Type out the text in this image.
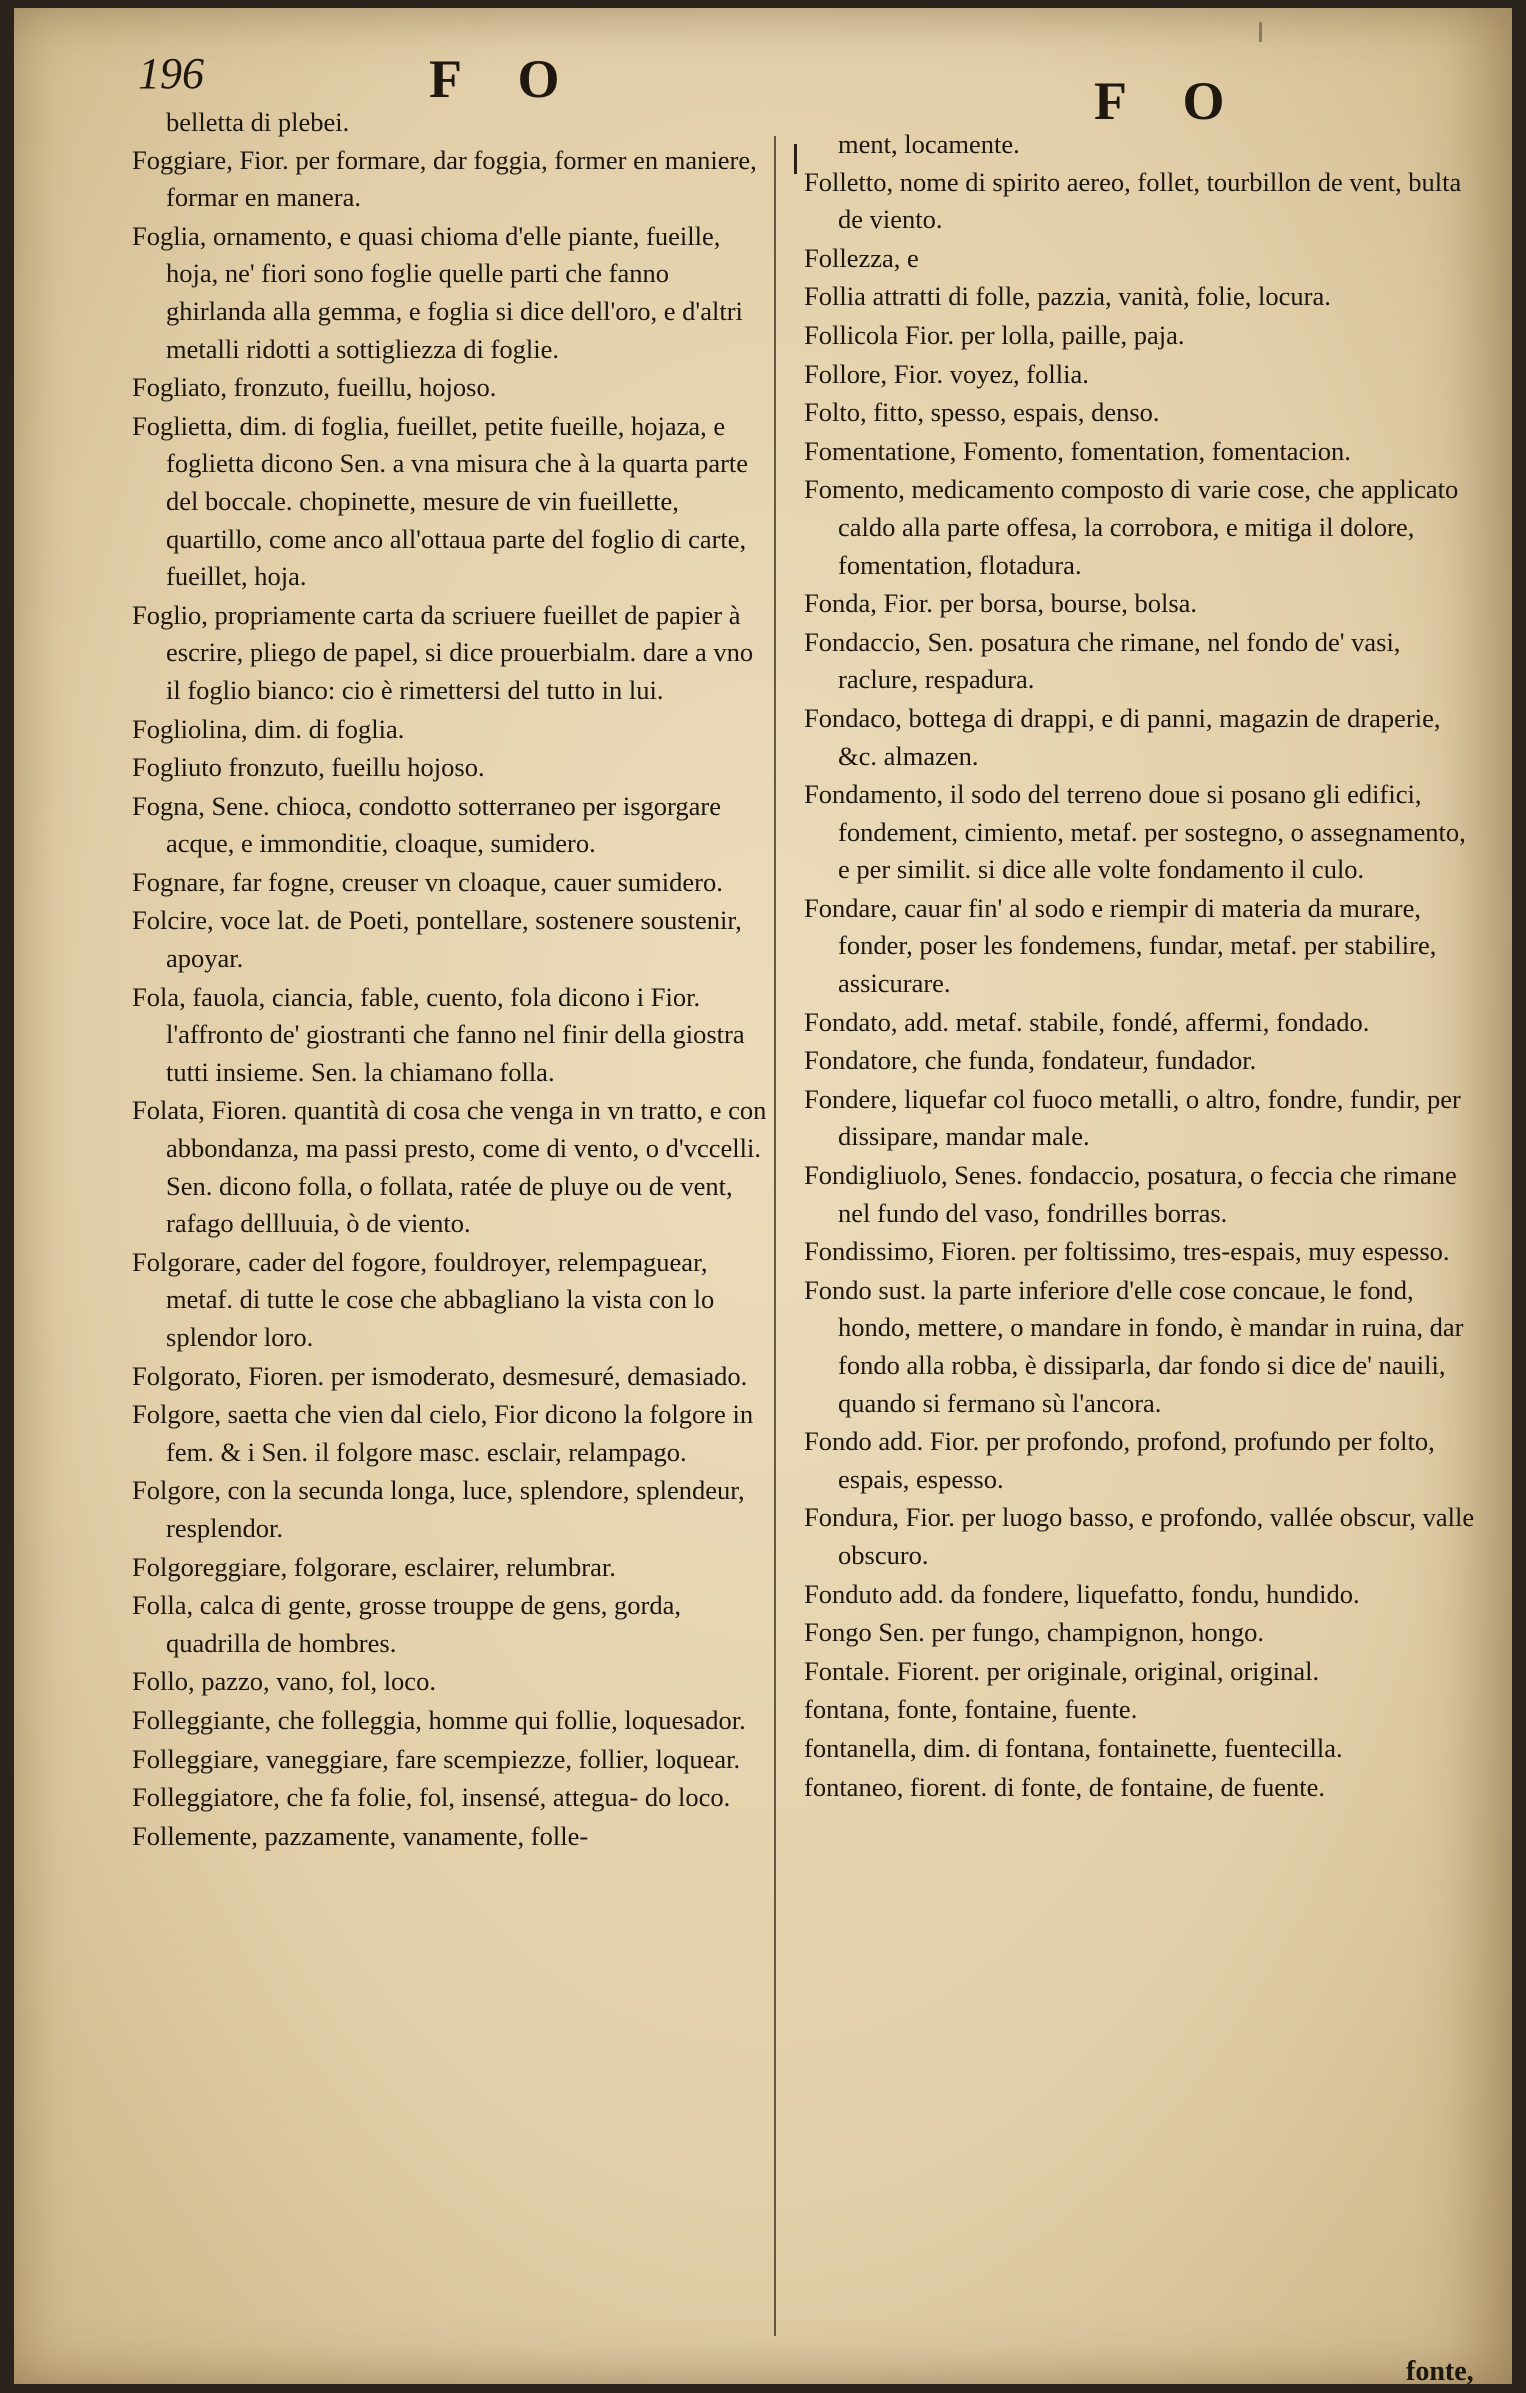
196	F O	F O
belletta di plebei.
Foggiare, Fior. per formare, dar foggia, former en maniere, formar en manera.
Foglia, ornamento, e quasi chioma d'elle piante, fueille, hoja, ne' fiori sono foglie quelle parti che fanno ghirlanda alla gemma, e foglia si dice dell'oro, e d'altri metalli ridotti a sottigliezza di foglie.
Fogliato, fronzuto, fueillu, hojoso.
Foglietta, dim. di foglia, fueillet, petite fueille, hojaza, e foglietta dicono Sen. a vna misura che à la quarta parte del boccale. chopinette, mesure de vin fueillette, quartillo, come anco all'ottaua parte del foglio di carte, fueillet, hoja.
Foglio, propriamente carta da scriuere fueillet de papier à escrire, pliego de papel, si dice prouerbialm. dare a vno il foglio bianco: cio è rimettersi del tutto in lui.
Fogliolina, dim. di foglia.
Fogliuto fronzuto, fueillu hojoso.
Fogna, Sene. chioca, condotto sotterraneo per isgorgare acque, e immonditie, cloaque, sumidero.
Fognare, far fogne, creuser vn cloaque, cauer sumidero.
Folcire, voce lat. de Poeti, pontellare, sostenere soustenir, apoyar.
Fola, fauola, ciancia, fable, cuento, fola dicono i Fior. l'affronto de' giostranti che fanno nel finir della giostra tutti insieme. Sen. la chiamano folla.
Folata, Fioren. quantità di cosa che venga in vn tratto, e con abbondanza, ma passi presto, come di vento, o d'vccelli. Sen. dicono folla, o follata, ratée de pluye ou de vent, rafago dellluuia, ò de viento.
Folgorare, cader del fogore, fouldroyer, relempaguear, metaf. di tutte le cose che abbagliano la vista con lo splendor loro.
Folgorato, Fioren. per ismoderato, desmesuré, demasiado.
Folgore, saetta che vien dal cielo, Fior dicono la folgore in fem. & i Sen. il folgore masc. esclair, relampago.
Folgore, con la secunda longa, luce, splendore, splendeur, resplendor.
Folgoreggiare, folgorare, esclairer, relumbrar.
Folla, calca di gente, grosse trouppe de gens, gorda, quadrilla de hombres.
Follo, pazzo, vano, fol, loco.
Folleggiante, che folleggia, homme qui follie, loquesador.
Folleggiare, vaneggiare, fare scempiezze, follier, loquear.
Folleggiatore, che fa folie, fol, insensé, attegua- do loco.
Follemente, pazzamente, vanamente, folle-
ment, locamente.
Folletto, nome di spirito aereo, follet, tourbillon de vent, bulta de viento.
Follezza, e
Follia attratti di folle, pazzia, vanità, folie, locura.
Follicola Fior. per lolla, paille, paja.
Follore, Fior. voyez, follia.
Folto, fitto, spesso, espais, denso.
Fomentatione, Fomento, fomentation, fomentacion.
Fomento, medicamento composto di varie cose, che applicato caldo alla parte offesa, la corrobora, e mitiga il dolore, fomentation, flotadura.
Fonda, Fior. per borsa, bourse, bolsa.
Fondaccio, Sen. posatura che rimane, nel fondo de' vasi, raclure, respadura.
Fondaco, bottega di drappi, e di panni, magazin de draperie, &c. almazen.
Fondamento, il sodo del terreno doue si posano gli edifici, fondement, cimiento, metaf. per sostegno, o assegnamento, e per similit. si dice alle volte fondamento il culo.
Fondare, cauar fin' al sodo e riempir di materia da murare, fonder, poser les fondemens, fundar, metaf. per stabilire, assicurare.
Fondato, add. metaf. stabile, fondé, affermi, fondado.
Fondatore, che funda, fondateur, fundador.
Fondere, liquefar col fuoco metalli, o altro, fondre, fundir, per dissipare, mandar male.
Fondigliuolo, Senes. fondaccio, posatura, o feccia che rimane nel fundo del vaso, fondrilles borras.
Fondissimo, Fioren. per foltissimo, tres-espais, muy espesso.
Fondo sust. la parte inferiore d'elle cose concaue, le fond, hondo, mettere, o mandare in fondo, è mandar in ruina, dar fondo alla robba, è dissiparla, dar fondo si dice de' nauili, quando si fermano sù l'ancora.
Fondo add. Fior. per profondo, profond, profundo per folto, espais, espesso.
Fondura, Fior. per luogo basso, e profondo, vallée obscur, valle obscuro.
Fonduto add. da fondere, liquefatto, fondu, hundido.
Fongo Sen. per fungo, champignon, hongo.
Fontale. Fiorent. per originale, original, original.
fontana, fonte, fontaine, fuente.
fontanella, dim. di fontana, fontainette, fuentecilla.
fontaneo, fiorent. di fonte, de fontaine, de fuente.
fonte,
